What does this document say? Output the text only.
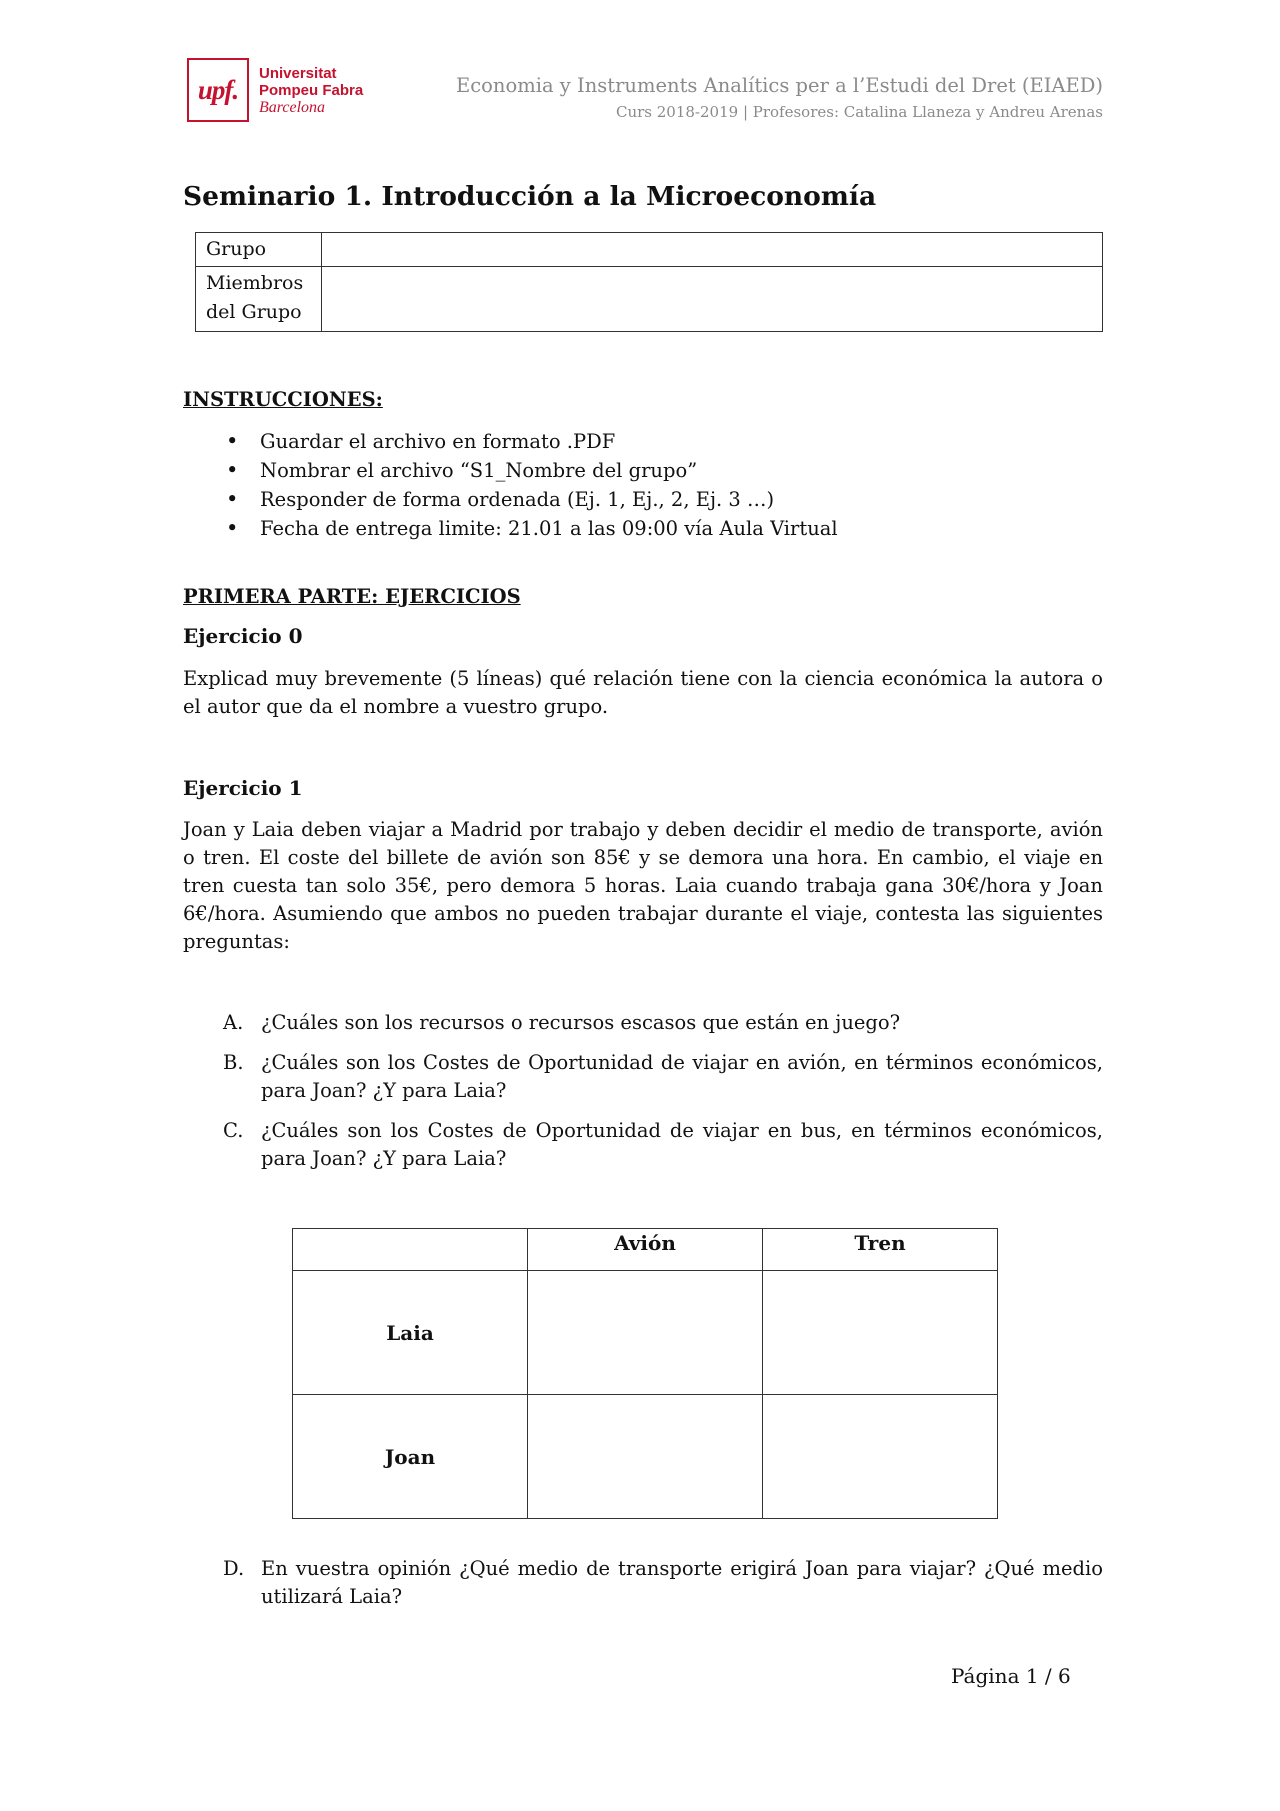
upf.
Universitat
Pompeu Fabra
Barcelona
Economia y Instruments Analítics per a l’Estudi del Dret (EIAED)
Curs 2018-2019 | Profesores: Catalina Llaneza y Andreu Arenas
Seminario 1. Introducción a la Microeconomía
Grupo	

Miembros
del Grupo	

INSTRUCCIONES:
• Guardar el archivo en formato .PDF
• Nombrar el archivo “S1_Nombre del grupo”
• Responder de forma ordenada (Ej. 1, Ej., 2, Ej. 3 …)
• Fecha de entrega limite: 21.01 a las 09:00 vía Aula Virtual
PRIMERA PARTE: EJERCICIOS
Ejercicio 0
Explicad muy brevemente (5 líneas) qué relación tiene con la ciencia económica la autora o el autor que da el nombre a vuestro grupo.
Ejercicio 1
Joan y Laia deben viajar a Madrid por trabajo y deben decidir el medio de transporte, avión o tren. El coste del billete de avión son 85€ y se demora una hora. En cambio, el viaje en tren cuesta tan solo 35€, pero demora 5 horas. Laia cuando trabaja gana 30€/hora y Joan 6€/hora. Asumiendo que ambos no pueden trabajar durante el viaje, contesta las siguientes preguntas:
A. ¿Cuáles son los recursos o recursos escasos que están en juego?
B. ¿Cuáles son los Costes de Oportunidad de viajar en avión, en términos económicos, para Joan? ¿Y para Laia?
C. ¿Cuáles son los Costes de Oportunidad de viajar en bus, en términos económicos, para Joan? ¿Y para Laia?
	Avión	Tren
Laia		
Joan		
D. En vuestra opinión ¿Qué medio de transporte erigirá Joan para viajar? ¿Qué medio utilizará Laia?
Página 1 / 6
